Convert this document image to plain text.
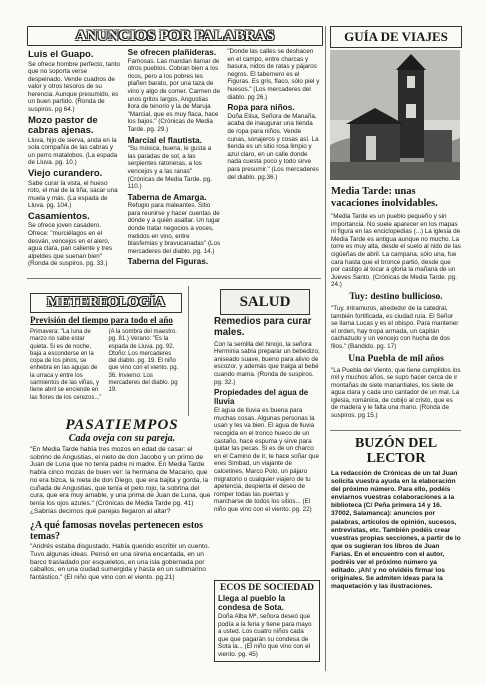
ANUNCIOS POR PALABRAS
Luis el Guapo.
Se ofrece hombre perfecto, tanto que no soporta verse despeinado. Vende cuadros de valor y otros tesoros de su herencia. Aunque presumido, es un buen partido. (Ronda de suspiros. pg 64.)
Mozo pastor de cabras ajenas.
Lluva, hijo de sierva, anda en la sola compañía de las cabras y un perro matalobos. (La espada de Lluva. pg. 10.)
Viejo curandero.
Sabe curar la vista, el hueso roto, el mal de la tiña, sacar una muela y más. (La espada de Lluva. pg. 104.)
Casamientos.
Se ofrece joven casadero. Ofrece: "murciélagos en el desván, vencejos en el alero, agua clara, pan caliente y tres alpeldes que suenan bien" (Ronda de suspiros. pg. 33.)
Se ofrecen plañideras.
Famosas. Las mandan llamar de otros pueblos. Cobran bien a los ricos, pero a los pobres les plañen barato, por una taza de vino y algo de comer. Carmen de unos gritos largos, Angustias llora de tenorio y la de Maruja "Marcial, que es muy flaca, hace los bajos." (Crónicas de Media Tarde. pg. 29.)
Marcial el flautista.
"Su música, buena, le gusta a las paradas de sol, a las serpientes ratoneras, a los vencejos y a las ranas" (Crónicas de Media Tarde. pg. 110.)
Taberna de Amarga.
Refugio para maleantes. Sitio para reunirse y hacer cuentas de dónde y a quién asaltar. Un lugar donde tratar negocios a voces, metidos en vino, entre blasfemias y bravucanadas" (Los mercaderes del diablo. pg. 14.)
Taberna del Figuras.
"Donde las calles se deshacen en el campo, entre charcas y basura, nidos de ratas y pájaros negros. El tabernero es el Figuras. Es gris, flaco, sólo piel y huesos." (Los mercaderes del diablo. pg 26.)
Ropa para niños.
Doña Elisa, Señora de Manaña, acaba de inaugurar una tienda de ropa para niños. Vende cunas, sonajeros y cosas así. La tienda es un sitio rosa limpio y azul claro, en un calle donde nada cuesta poco y todo sirve para presumir." (Los mercaderes del diablo. pg.36.)
GUÍA DE VIAJES
Media Tarde: unas vacaciones inolvidables.
"Media Tarde es un pueblo pequeño y sin importancia. No suele aparecer en los mapas ni figura en las enciclopedias (...) La iglesia de Media Tarde es antigua aunque no mucho. La torre es muy alta, desde el suelo al nido de las cigüeñas de abril. La campana, sólo una, fue cara hasta que el bronce partió, desde que por castigo al tocar a gloria la mañana de un Jueves Santo. (Crónicas de Media Tarde. pg. 24.)
Tuy: destino bullicioso.
"Tuy, intramuros, alrededor de la catedral, también fortificada, es ciudad ruía. El Señor se llama Lucas y es el obispo. Para mantener el orden, hay tropa armada, un capitán cachazudo y un vencejo con hucha de dos filos." (Bandido. pg. 17)
Una Puebla de mil años
"La Puebla del Viento, que tiene cumplidos los mil y muchos años, se supo hacer cerca de ir montañas de siete manantiales, los siete de agua clara y cada uno cantador de un mal. La iglesia, románica, de cobijo al cristo, que es de madera y le falta una mano. (Ronda de suspiros. pg 15.)
BUZÓN DEL LECTOR
La redacción de Crónicas de un tal Juan solicita vuestra ayuda en la elaboración del próximo número. Para ello, podéis enviarnos vuestras colaboraciones a la biblioteca (C/ Peña primera 14 y 16. 37002, Salamanca): anuncios por palabras, artículos de opinión, sucesos, entrevistas, etc. También podéis crear vuestras propias secciones, a partir de lo que os sugieran los libros de Juan Farias. En el encuentro con el autor, podréis ver el próximo número ya editado. ¡Ah! y no olvidéis firmar los originales. Se admiten ideas para la maquetación y las ilustraciones.
METEREOLOGÍA
Previsión del tiempo para todo el año
Primavera: "La luna de marzo no sabe estar quieta. Si es de noche, baja a esconderse en la copa de los pinos, se enhebra en las agujas de la urraca y entre los sarmientos de las viñas, y tiene abril se enciende en las flores de los cerezos..." (A la sombra del maestro. pg. 81.) Verano: "Es la espada de Lluva. pg. 92. Otoño: Los mercaderes del diablo. pg. 19. El niño que vino con el viento. pg. 36. Invierno: Los mercaderes del diablo. pg 19.
PASATIEMPOS
Cada oveja con su pareja.
"En Media Tarde había tres mozos en edad de casar: el sobrino de Angustias, el nieto de don Jacobo y un primo de Juan de Luna que no tenía padre ni madre. En Media Tarde había cinco mozas de buen ver: la hermana de Macario, que no era bizca, la nieta de don Diego, que era bajita y gorda, la cuñada de Angustias, que tenía el pelo rojo, la sobrina del cura, que era muy amable, y una prima de Juan de Luna, que tenía los ojos azules." (Crónicas de Media Tarde pg. 41) ¿Sabrías decirnos qué parejas llegaron al altar?
¿A qué famosas novelas pertenecen estos temas?
"Andrés estaba disgustado. Había querido escribir un cuento. Tuvo algunas ideas. Pensó en una sirena encantada, en un barco trasladado por esqueletos, en una isla gobernada por caballos, en una ciudad sumergida y hasta en un submarino fantástico." (El niño que vino con el viento. pg.21)
SALUD
Remedios para curar males.
Con la semilla del hinojo, la señora Herminia sabía preparar un bebedizo, aniseado suave, bueno para alivio de escozor, y además que traiga al bebé cuando mama. (Ronda de suspiros. pg. 32.)
Propiedades del agua de lluvia
El agua de lluvia es buena para muchas cosas. Algunas personas la usan y les va bien. El agua de lluvia recogida en el tronco hueco de un castaño, hace espuma y sirve para quitar las pecas. Si es de un charco en el Camino de Ir, te hace soñar que eres Simbad, un viajante de calcetines, Marco Polo, un pájaro migratorio o cualquier viajero de tu apetencia, despierta el deseo de romper todas las puertas y marcharse de todos los sitios... (El niño que vino con el viento. pg. 22)
ECOS DE SOCIEDAD
Llega al pueblo la condesa de Sota.
Doña Alba Mª, señora deseó que podía a la feria y tiene para mayo a usted. Los cuatro niños cada que que pagarán su condesa de Sota la... (El niño que vino con el viento. pg. 45)
